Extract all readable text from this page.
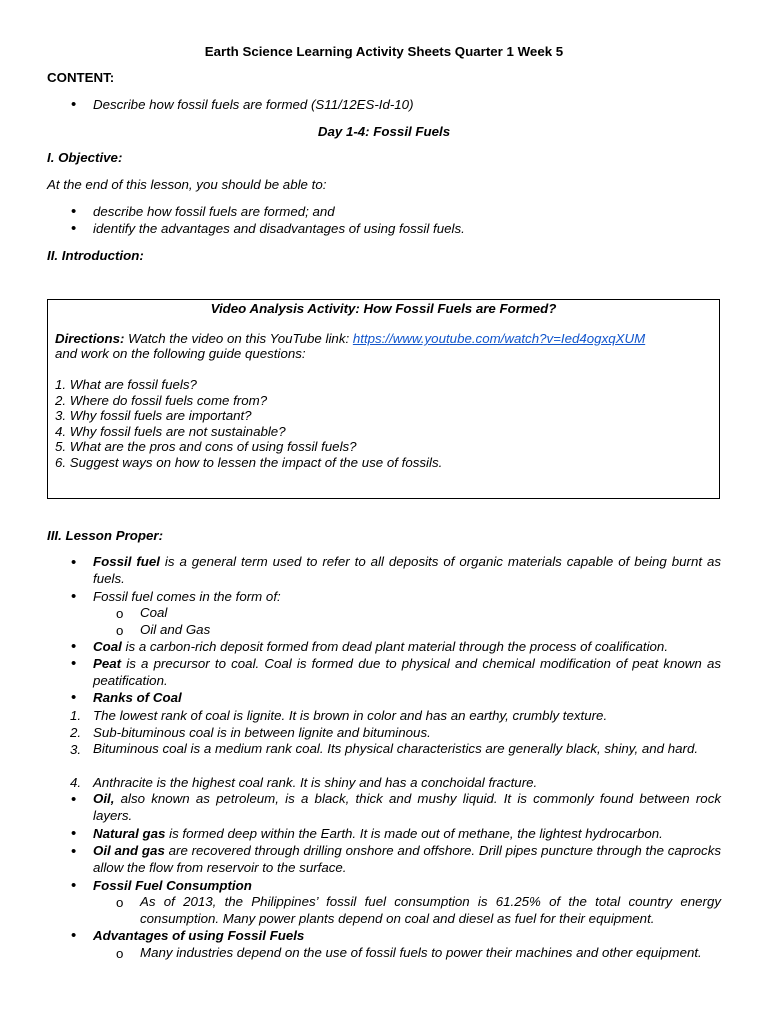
Earth Science Learning Activity Sheets Quarter 1 Week 5
CONTENT:
• Describe how fossil fuels are formed (S11/12ES-Id-10)
Day 1-4: Fossil Fuels
I. Objective:
At the end of this lesson, you should be able to:
• describe how fossil fuels are formed; and
• identify the advantages and disadvantages of using fossil fuels.
II. Introduction:
Video Analysis Activity: How Fossil Fuels are Formed?
Directions: Watch the video on this YouTube link: https://www.youtube.com/watch?v=Ied4ogxqXUM
and work on the following guide questions:
1. What are fossil fuels?
2. Where do fossil fuels come from?
3. Why fossil fuels are important?
4. Why fossil fuels are not sustainable?
5. What are the pros and cons of using fossil fuels?
6. Suggest ways on how to lessen the impact of the use of fossils.
III. Lesson Proper:
• Fossil fuel is a general term used to refer to all deposits of organic materials capable of being burnt as fuels.
• Fossil fuel comes in the form of:
o Coal
o Oil and Gas
• Coal is a carbon-rich deposit formed from dead plant material through the process of coalification.
• Peat is a precursor to coal. Coal is formed due to physical and chemical modification of peat known as peatification.
• Ranks of Coal
1. The lowest rank of coal is lignite. It is brown in color and has an earthy, crumbly texture.
2. Sub-bituminous coal is in between lignite and bituminous.
3. Bituminous coal is a medium rank coal. Its physical characteristics are generally black, shiny, and hard.
4. Anthracite is the highest coal rank. It is shiny and has a conchoidal fracture.
• Oil, also known as petroleum, is a black, thick and mushy liquid. It is commonly found between rock layers.
• Natural gas is formed deep within the Earth. It is made out of methane, the lightest hydrocarbon.
• Oil and gas are recovered through drilling onshore and offshore. Drill pipes puncture through the caprocks allow the flow from reservoir to the surface.
• Fossil Fuel Consumption
o As of 2013, the Philippines’ fossil fuel consumption is 61.25% of the total country energy consumption. Many power plants depend on coal and diesel as fuel for their equipment.
• Advantages of using Fossil Fuels
o Many industries depend on the use of fossil fuels to power their machines and other equipment.
